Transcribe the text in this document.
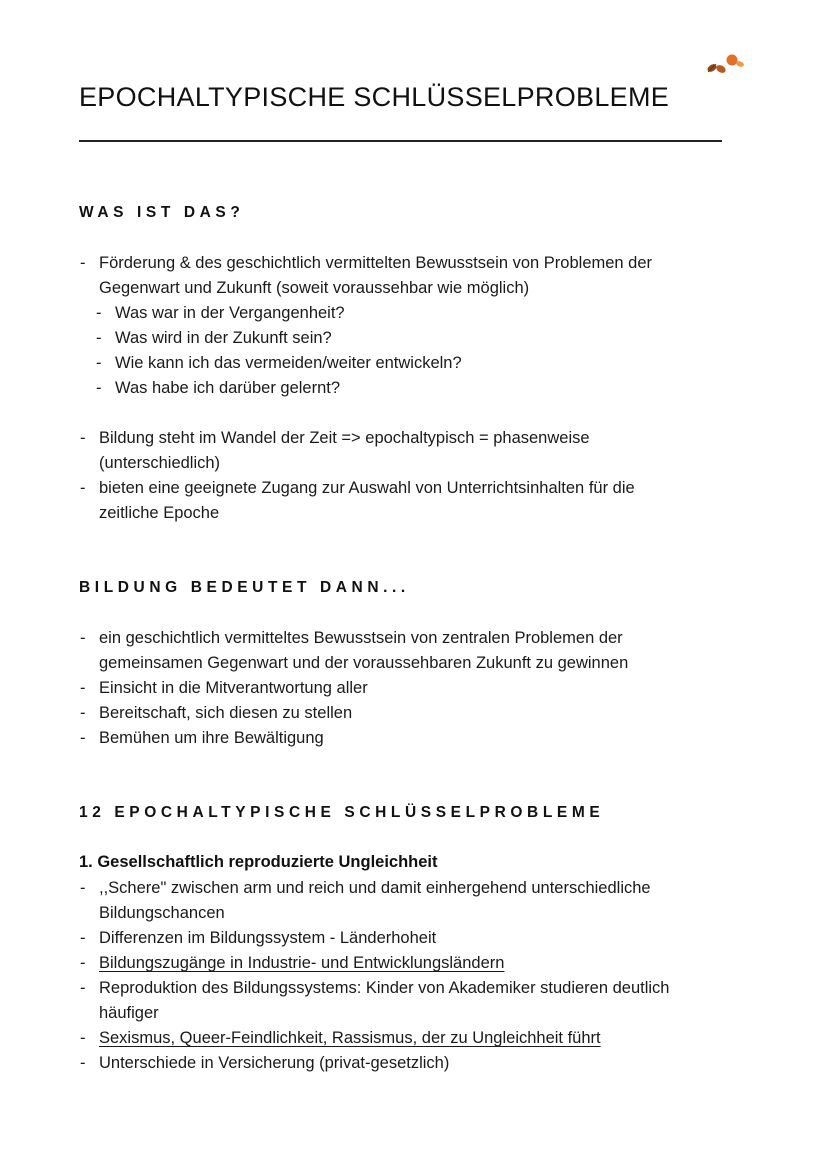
EPOCHALTYPISCHE SCHLÜSSELPROBLEME
WAS IST DAS?
- Förderung & des geschichtlich vermittelten Bewusstsein von Problemen der
Gegenwart und Zukunft (soweit voraussehbar wie möglich)
- Was war in der Vergangenheit?
- Was wird in der Zukunft sein?
- Wie kann ich das vermeiden/weiter entwickeln?
- Was habe ich darüber gelernt?
- Bildung steht im Wandel der Zeit => epochaltypisch = phasenweise
(unterschiedlich)
- bieten eine geeignete Zugang zur Auswahl von Unterrichtsinhalten für die
zeitliche Epoche
BILDUNG BEDEUTET DANN...
- ein geschichtlich vermitteltes Bewusstsein von zentralen Problemen der
gemeinsamen Gegenwart und der voraussehbaren Zukunft zu gewinnen
- Einsicht in die Mitverantwortung aller
- Bereitschaft, sich diesen zu stellen
- Bemühen um ihre Bewältigung
12 EPOCHALTYPISCHE SCHLÜSSELPROBLEME
1. Gesellschaftlich reproduzierte Ungleichheit
- ,,Schere" zwischen arm und reich und damit einhergehend unterschiedliche
Bildungschancen
- Differenzen im Bildungssystem - Länderhoheit
- Bildungszugänge in Industrie- und Entwicklungsländern
- Reproduktion des Bildungssystems: Kinder von Akademiker studieren deutlich
häufiger
- Sexismus, Queer-Feindlichkeit, Rassismus, der zu Ungleichheit führt
- Unterschiede in Versicherung (privat-gesetzlich)
